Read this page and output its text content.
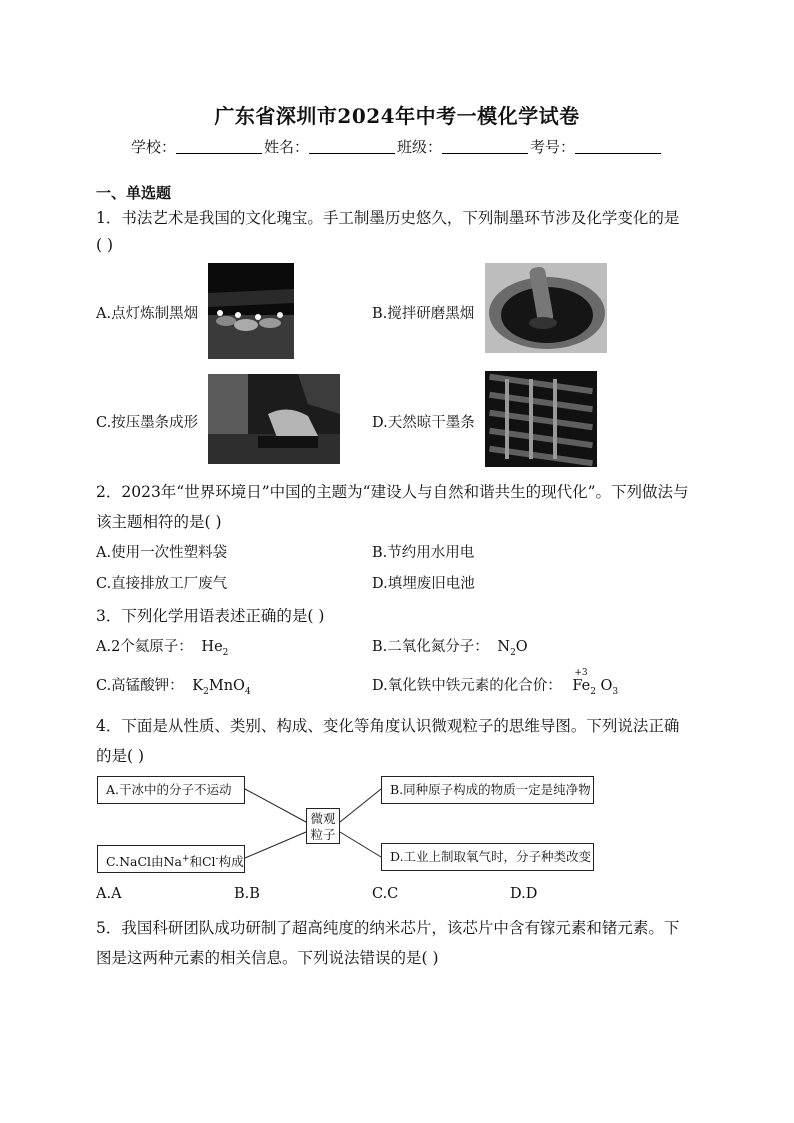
广东省深圳市2024年中考一模化学试卷
学校：	姓名：	班级：	考号：
一、单选题
1．书法艺术是我国的文化瑰宝。手工制墨历史悠久，下列制墨环节涉及化学变化的是
( )
A.点灯炼制黑烟	B.搅拌研磨黑烟
C.按压墨条成形	D.天然晾干墨条
2．2023年“世界环境日”中国的主题为“建设人与自然和谐共生的现代化”。下列做法与
该主题相符的是( )
A.使用一次性塑料袋	B.节约用水用电
C.直接排放工厂废气	D.填埋废旧电池
3．下列化学用语表述正确的是( )
A.2个氦原子： $He_2$	B.二氧化氮分子： $N_2O$
C.高锰酸钾： $K_2MnO_4$	D.氧化铁中铁元素的化合价：
+3
$Fe_2$ $O_3$
4．下面是从性质、类别、构成、变化等角度认识微观粒子的思维导图。下列说法正确
的是( )
A.干冰中的分子不运动	B.同种原子构成的物质一定是纯净物
C.NaCl由Na+和Cl-构成	D.工业上制取氧气时，分子种类改变
微观
粒子
A.A	B.B	C.C	D.D
5．我国科研团队成功研制了超高纯度的纳米芯片，该芯片中含有镓元素和锗元素。下
图是这两种元素的相关信息。下列说法错误的是( )
